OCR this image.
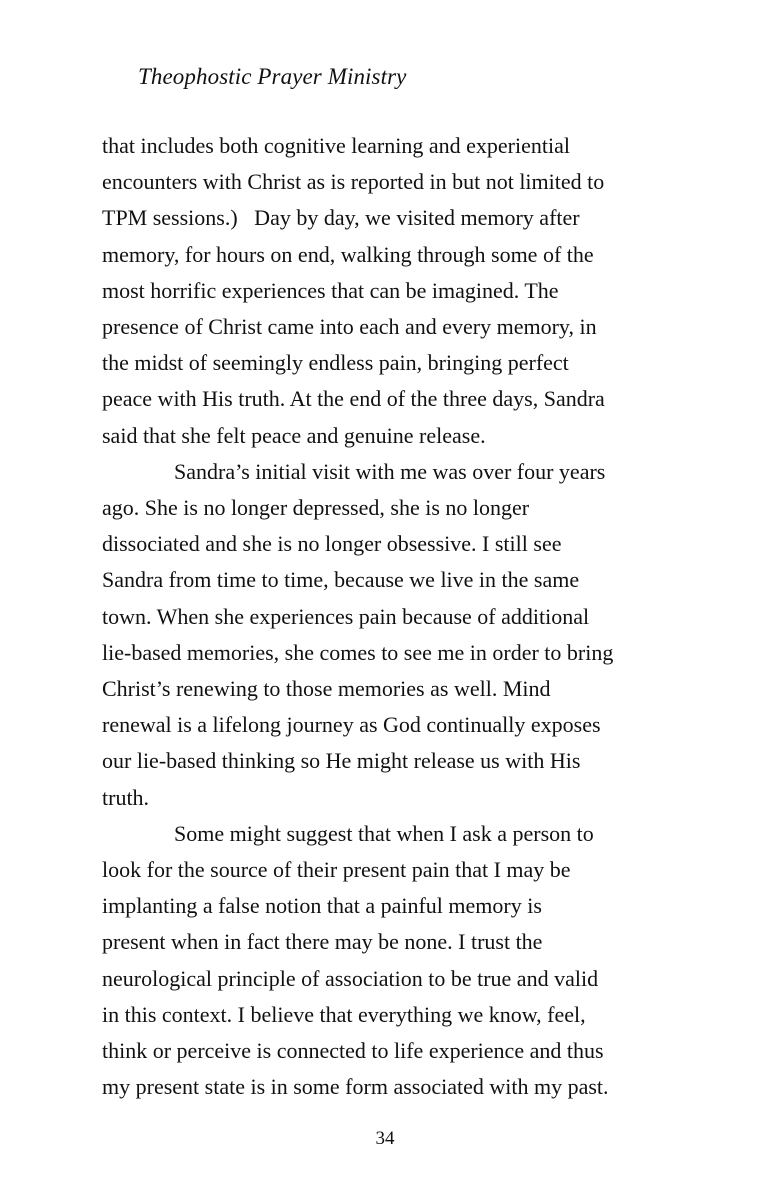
Theophostic Prayer Ministry
that includes both cognitive learning and experiential
encounters with Christ as is reported in but not limited to
TPM sessions.)   Day by day, we visited memory after
memory, for hours on end, walking through some of the
most horrific experiences that can be imagined. The
presence of Christ came into each and every memory, in
the midst of seemingly endless pain, bringing perfect
peace with His truth. At the end of the three days, Sandra
said that she felt peace and genuine release.
Sandra’s initial visit with me was over four years
ago. She is no longer depressed, she is no longer
dissociated and she is no longer obsessive. I still see
Sandra from time to time, because we live in the same
town. When she experiences pain because of additional
lie-based memories, she comes to see me in order to bring
Christ’s renewing to those memories as well. Mind
renewal is a lifelong journey as God continually exposes
our lie-based thinking so He might release us with His
truth.
Some might suggest that when I ask a person to
look for the source of their present pain that I may be
implanting a false notion that a painful memory is
present when in fact there may be none. I trust the
neurological principle of association to be true and valid
in this context. I believe that everything we know, feel,
think or perceive is connected to life experience and thus
my present state is in some form associated with my past.
34
